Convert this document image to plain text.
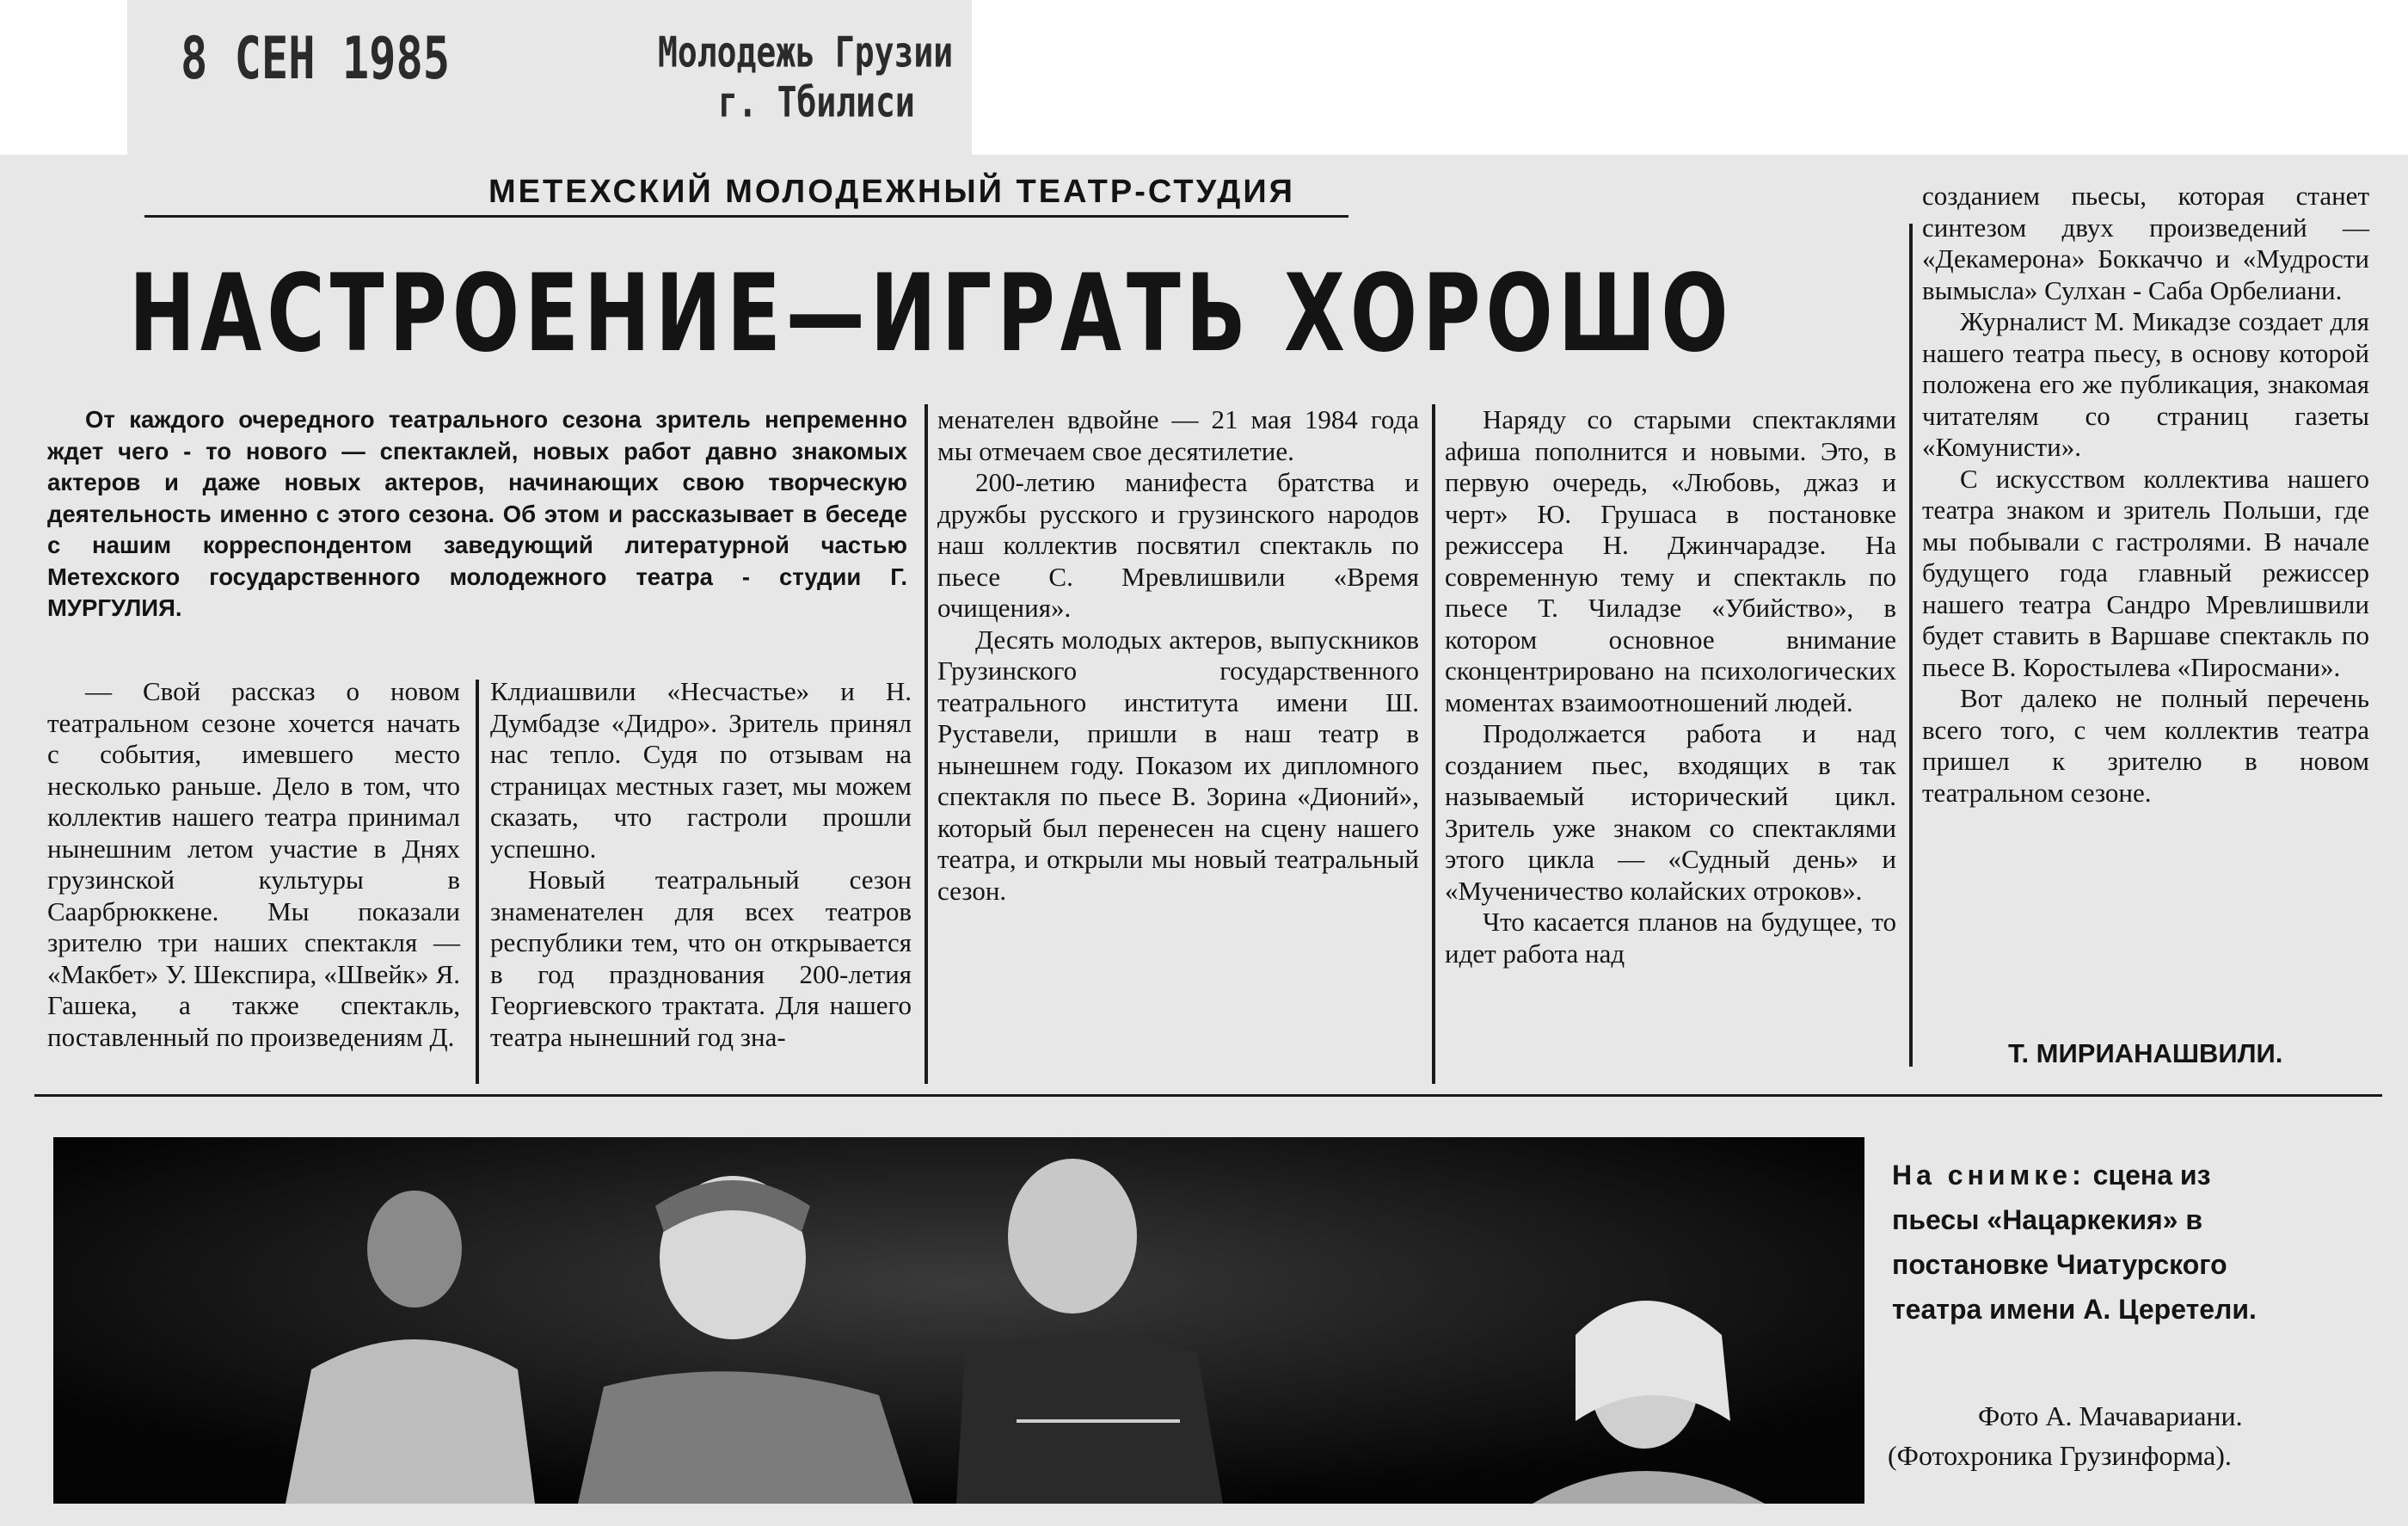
8 СЕН 1985	Молодежь Грузии
г. Тбилиси
МЕТЕХСКИЙ МОЛОДЕЖНЫЙ ТЕАТР-СТУДИЯ
НАСТРОЕНИЕ—ИГРАТЬ ХОРОШО

От каждого очередного театрального сезона зритель непременно ждет чего - то нового — спектаклей, новых работ давно знакомых актеров и даже новых актеров, начинающих свою творческую деятельность именно с этого сезона. Об этом и рассказывает в беседе с нашим корреспондентом заведующий литературной частью Метехского государственного молодежного театра - студии Г. МУРГУЛИЯ.

— Свой рассказ о новом театральном сезоне хочется начать с события, имевшего место несколько раньше. Дело в том, что коллектив нашего театра принимал нынешним летом участие в Днях грузинской культуры в Саарбрюккене. Мы показали зрителю три наших спектакля — «Макбет» У. Шекспира, «Швейк» Я. Гашека, а также спектакль, поставленный по произведениям Д.

Клдиашвили «Несчастье» и Н. Думбадзе «Дидро». Зритель принял нас тепло. Судя по отзывам на страницах местных газет, мы можем сказать, что гастроли прошли успешно.

Новый театральный сезон знаменателен для всех театров республики тем, что он открывается в год празднования 200-летия Георгиевского трактата. Для нашего театра нынешний год зна-

менателен вдвойне — 21 мая 1984 года мы отмечаем свое десятилетие.

200-летию манифеста братства и дружбы русского и грузинского народов наш коллектив посвятил спектакль по пьесе С. Мревлишвили «Время очищения».

Десять молодых актеров, выпускников Грузинского государственного театрального института имени Ш. Руставели, пришли в наш театр в нынешнем году. Показом их дипломного спектакля по пьесе В. Зорина «Дионий», который был перенесен на сцену нашего театра, и открыли мы новый театральный сезон.

Наряду со старыми спектаклями афиша пополнится и новыми. Это, в первую очередь, «Любовь, джаз и черт» Ю. Грушаса в постановке режиссера Н. Джинчарадзе. На современную тему и спектакль по пьесе Т. Чиладзе «Убийство», в котором основное внимание сконцентрировано на психологических моментах взаимоотношений людей.

Продолжается работа и над созданием пьес, входящих в так называемый исторический цикл. Зритель уже знаком со спектаклями этого цикла — «Судный день» и «Мученичество колайских отроков».

Что касается планов на будущее, то идет работа над

созданием пьесы, которая станет синтезом двух произведений — «Декамерона» Боккаччо и «Мудрости вымысла» Сулхан - Саба Орбелиани.

Журналист М. Микадзе создает для нашего театра пьесу, в основу которой положена его же публикация, знакомая читателям со страниц газеты «Комунисти».

С искусством коллектива нашего театра знаком и зритель Польши, где мы побывали с гастролями. В начале будущего года главный режиссер нашего театра Сандро Мревлишвили будет ставить в Варшаве спектакль по пьесе В. Коростылева «Пиросмани».

Вот далеко не полный перечень всего того, с чем коллектив театра пришел к зрителю в новом театральном сезоне.

Т. МИРИАНАШВИЛИ.
На снимке: сцена из пьесы «Нацаркекия» в постановке Чиатурского театра имени А. Церетели.
Фото А. Мачавариани.
(Фотохроника Грузинформа).
